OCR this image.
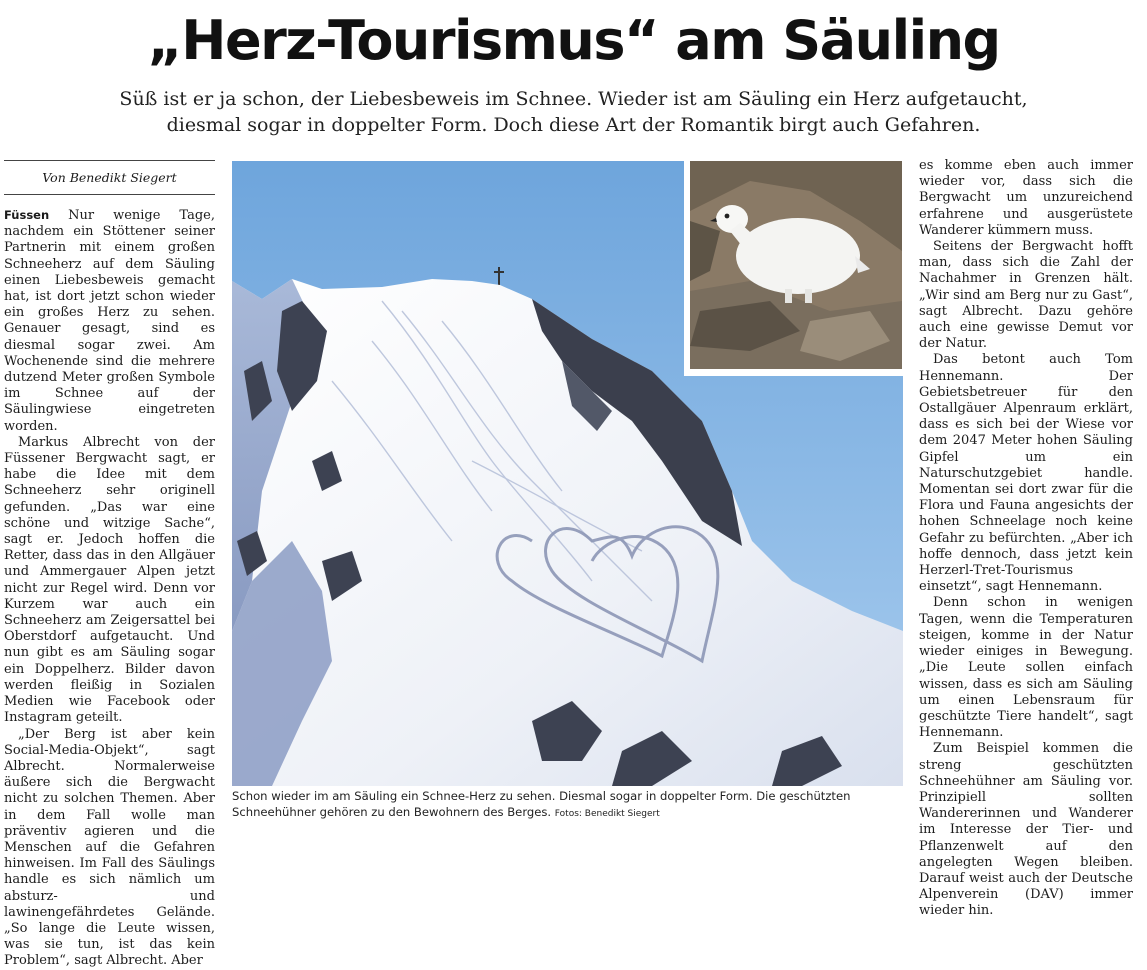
„Herz-Tourismus“ am Säuling
Süß ist er ja schon, der Liebesbeweis im Schnee. Wieder ist am Säuling ein Herz aufgetaucht,
diesmal sogar in doppelter Form. Doch diese Art der Romantik birgt auch Gefahren.
Von Benedikt Siegert

Füssen Nur wenige Tage, nachdem ein Stöttener seiner Partnerin mit einem großen Schneeherz auf dem Säuling einen Liebesbeweis gemacht hat, ist dort jetzt schon wieder ein großes Herz zu sehen. Genauer gesagt, sind es diesmal sogar zwei. Am Wochenende sind die mehrere dutzend Meter großen Symbole im Schnee auf der Säulingwiese eingetreten worden.

Markus Albrecht von der Füssener Bergwacht sagt, er habe die Idee mit dem Schneeherz sehr originell gefunden. „Das war eine schöne und witzige Sache“, sagt er. Jedoch hoffen die Retter, dass das in den Allgäuer und Ammergauer Alpen jetzt nicht zur Regel wird. Denn vor Kurzem war auch ein Schneeherz am Zeigersattel bei Oberstdorf aufgetaucht. Und nun gibt es am Säuling sogar ein Doppelherz. Bilder davon werden fleißig in Sozialen Medien wie Facebook oder Instagram geteilt.

„Der Berg ist aber kein Social-Media-Objekt“, sagt Albrecht. Normalerweise äußere sich die Bergwacht nicht zu solchen Themen. Aber in dem Fall wolle man präventiv agieren und die Menschen auf die Gefahren hinweisen. Im Fall des Säulings handle es sich nämlich um absturz- und lawinengefährdetes Gelände. „So lange die Leute wissen, was sie tun, ist das kein Problem“, sagt Albrecht. Aber

Schon wieder im am Säuling ein Schnee-Herz zu sehen. Diesmal sogar in doppelter Form. Die geschützten Schneehühner gehören zu den Bewohnern des Berges. Fotos: Benedikt Siegert

es komme eben auch immer wieder vor, dass sich die Bergwacht um unzureichend erfahrene und ausgerüstete Wanderer kümmern muss.

Seitens der Bergwacht hofft man, dass sich die Zahl der Nachahmer in Grenzen hält. „Wir sind am Berg nur zu Gast“, sagt Albrecht. Dazu gehöre auch eine gewisse Demut vor der Natur.

Das betont auch Tom Hennemann. Der Gebietsbetreuer für den Ostallgäuer Alpenraum erklärt, dass es sich bei der Wiese vor dem 2047 Meter hohen Säuling Gipfel um ein Naturschutzgebiet handle. Momentan sei dort zwar für die Flora und Fauna angesichts der hohen Schneelage noch keine Gefahr zu befürchten. „Aber ich hoffe dennoch, dass jetzt kein Herzerl-Tret-Tourismus einsetzt“, sagt Hennemann.

Denn schon in wenigen Tagen, wenn die Temperaturen steigen, komme in der Natur wieder einiges in Bewegung. „Die Leute sollen einfach wissen, dass es sich am Säuling um einen Lebensraum für geschützte Tiere handelt“, sagt Hennemann.

Zum Beispiel kommen die streng geschützten Schneehühner am Säuling vor. Prinzipiell sollten Wandererinnen und Wanderer im Interesse der Tier- und Pflanzenwelt auf den angelegten Wegen bleiben. Darauf weist auch der Deutsche Alpenverein (DAV) immer wieder hin.
